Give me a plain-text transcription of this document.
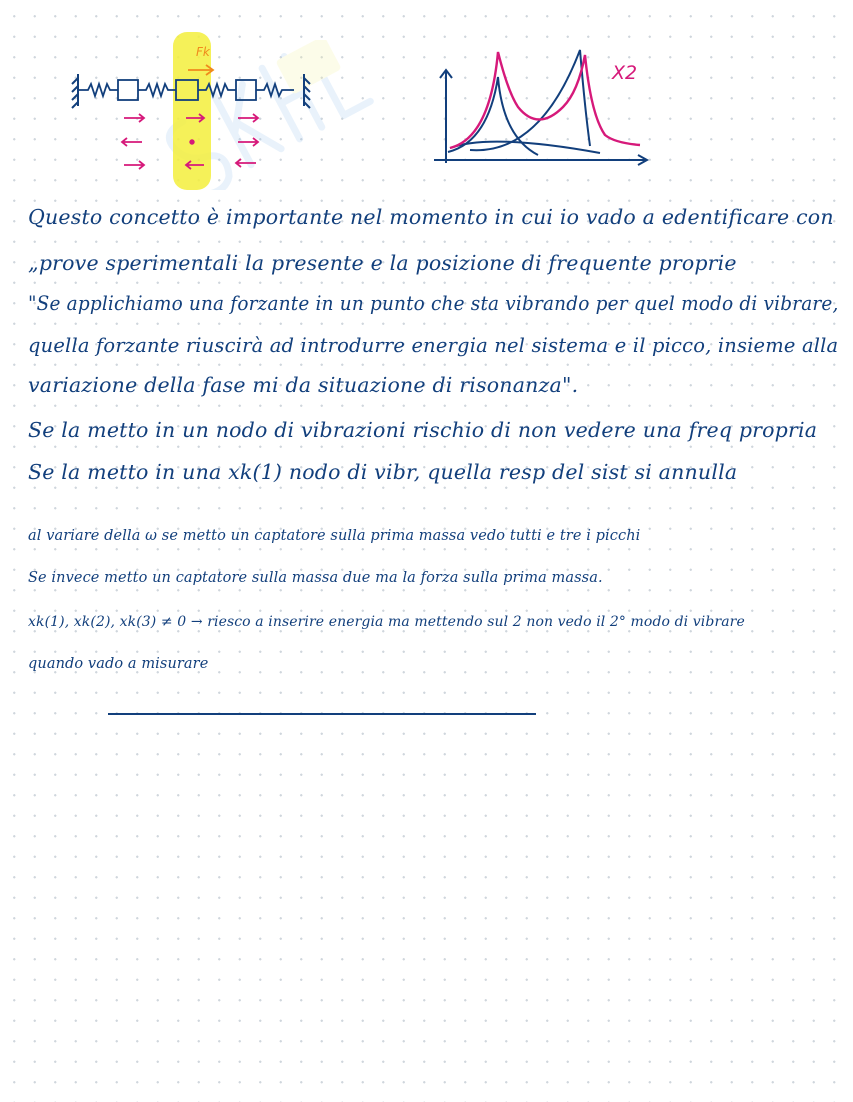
Fk
X2
Questo concetto è importante nel momento in cui io vado a edentificare con
„prove sperimentali la presente e la posizione di frequente proprie
"Se applichiamo una forzante in un punto che sta vibrando per quel modo di vibrare,
quella forzante riuscirà ad introdurre energia nel sistema e il picco, insieme alla
variazione della fase mi da situazione di risonanza".
Se la metto in un nodo di vibrazioni rischio di non vedere una freq propria
Se la metto in una xk(1) nodo di vibr, quella resp del sist si annulla
al variare della ω se metto un captatore sulla prima massa vedo tutti e tre i picchi
Se invece metto un captatore sulla massa due ma la forza sulla prima massa.
xk(1), xk(2), xk(3) ≠ 0 → riesco a inserire energia ma mettendo sul 2 non vedo il 2° modo di vibrare
quando vado a misurare
